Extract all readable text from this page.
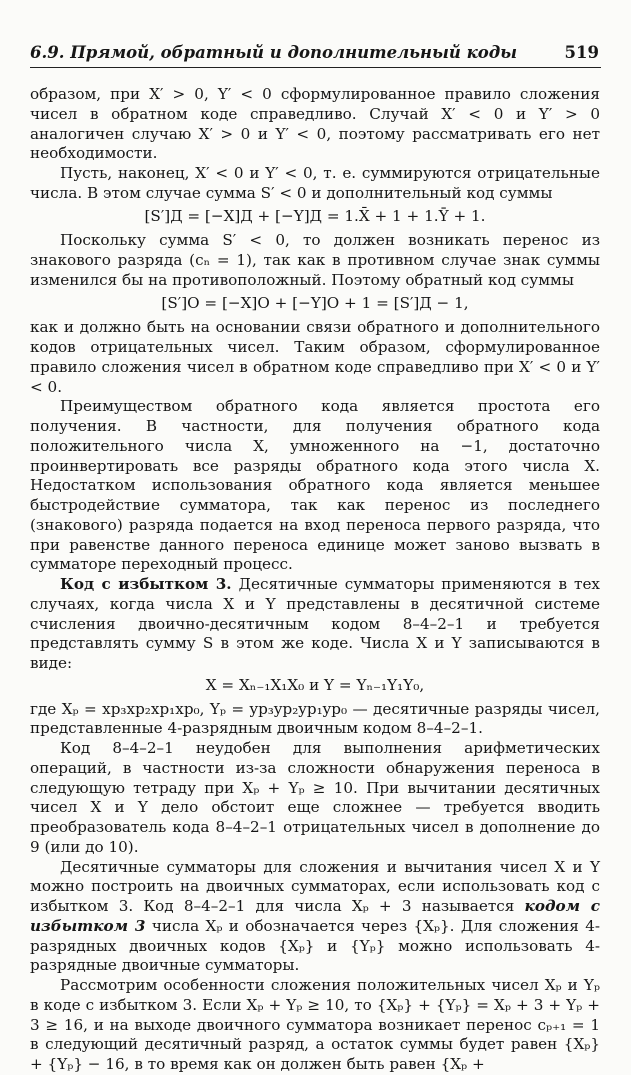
6.9. Прямой, обратный и дополнительный коды	519

образом, при X′ > 0, Y′ < 0 сформулированное правило сложения чисел в обратном коде справедливо. Случай X′ < 0 и Y′ > 0 аналогичен случаю X′ > 0 и Y′ < 0, поэтому рассматривать его нет необходимости.

Пусть, наконец, X′ < 0 и Y′ < 0, т. е. суммируются отрицательные числа. В этом случае сумма S′ < 0 и дополнительный код суммы

[S′]Д = [−X]Д + [−Y]Д = 1.X̄ + 1 + 1.Ȳ + 1.

Поскольку сумма S′ < 0, то должен возникать перенос из знакового разряда (cₙ = 1), так как в противном случае знак суммы изменился бы на противоположный. Поэтому обратный код суммы

[S′]О = [−X]О + [−Y]О + 1 = [S′]Д − 1,

как и должно быть на основании связи обратного и дополнительного кодов отрицательных чисел. Таким образом, сформулированное правило сложения чисел в обратном коде справедливо при X′ < 0 и Y′ < 0.

Преимуществом обратного кода является простота его получения. В частности, для получения обратного кода положительного числа X, умноженного на −1, достаточно проинвертировать все разряды обратного кода этого числа X. Недостатком использования обратного кода является меньшее быстродействие сумматора, так как перенос из последнего (знакового) разряда подается на вход переноса первого разряда, что при равенстве данного переноса единице может заново вызвать в сумматоре переходный процесс.

Код с избытком 3. Десятичные сумматоры применяются в тех случаях, когда числа X и Y представлены в десятичной системе счисления двоично-десятичным кодом 8–4–2–1 и требуется представлять сумму S в этом же коде. Числа X и Y записываются в виде:

X = Xₙ₋₁X₁X₀ и Y = Yₙ₋₁Y₁Y₀,

где Xₚ = xp₃xp₂xp₁xp₀, Yₚ = yp₃yp₂yp₁yp₀ — десятичные разряды чисел, представленные 4-разрядным двоичным кодом 8–4–2–1.

Код 8–4–2–1 неудобен для выполнения арифметических операций, в частности из-за сложности обнаружения переноса в следующую тетраду при Xₚ + Yₚ ≥ 10. При вычитании десятичных чисел X и Y дело обстоит еще сложнее — требуется вводить преобразователь кода 8–4–2–1 отрицательных чисел в дополнение до 9 (или до 10).

Десятичные сумматоры для сложения и вычитания чисел X и Y можно построить на двоичных сумматорах, если использовать код с избытком 3. Код 8–4–2–1 для числа Xₚ + 3 называется кодом с избытком 3 числа Xₚ и обозначается через {Xₚ}. Для сложения 4-разрядных двоичных кодов {Xₚ} и {Yₚ} можно использовать 4-разрядные двоичные сумматоры.

Рассмотрим особенности сложения положительных чисел Xₚ и Yₚ в коде с избытком 3. Если Xₚ + Yₚ ≥ 10, то {Xₚ} + {Yₚ} = Xₚ + 3 + Yₚ + 3 ≥ 16, и на выходе двоичного сумматора возникает перенос cₚ₊₁ = 1 в следующий десятичный разряд, а остаток суммы будет равен {Xₚ} + {Yₚ} − 16, в то время как он должен быть равен {Xₚ +
